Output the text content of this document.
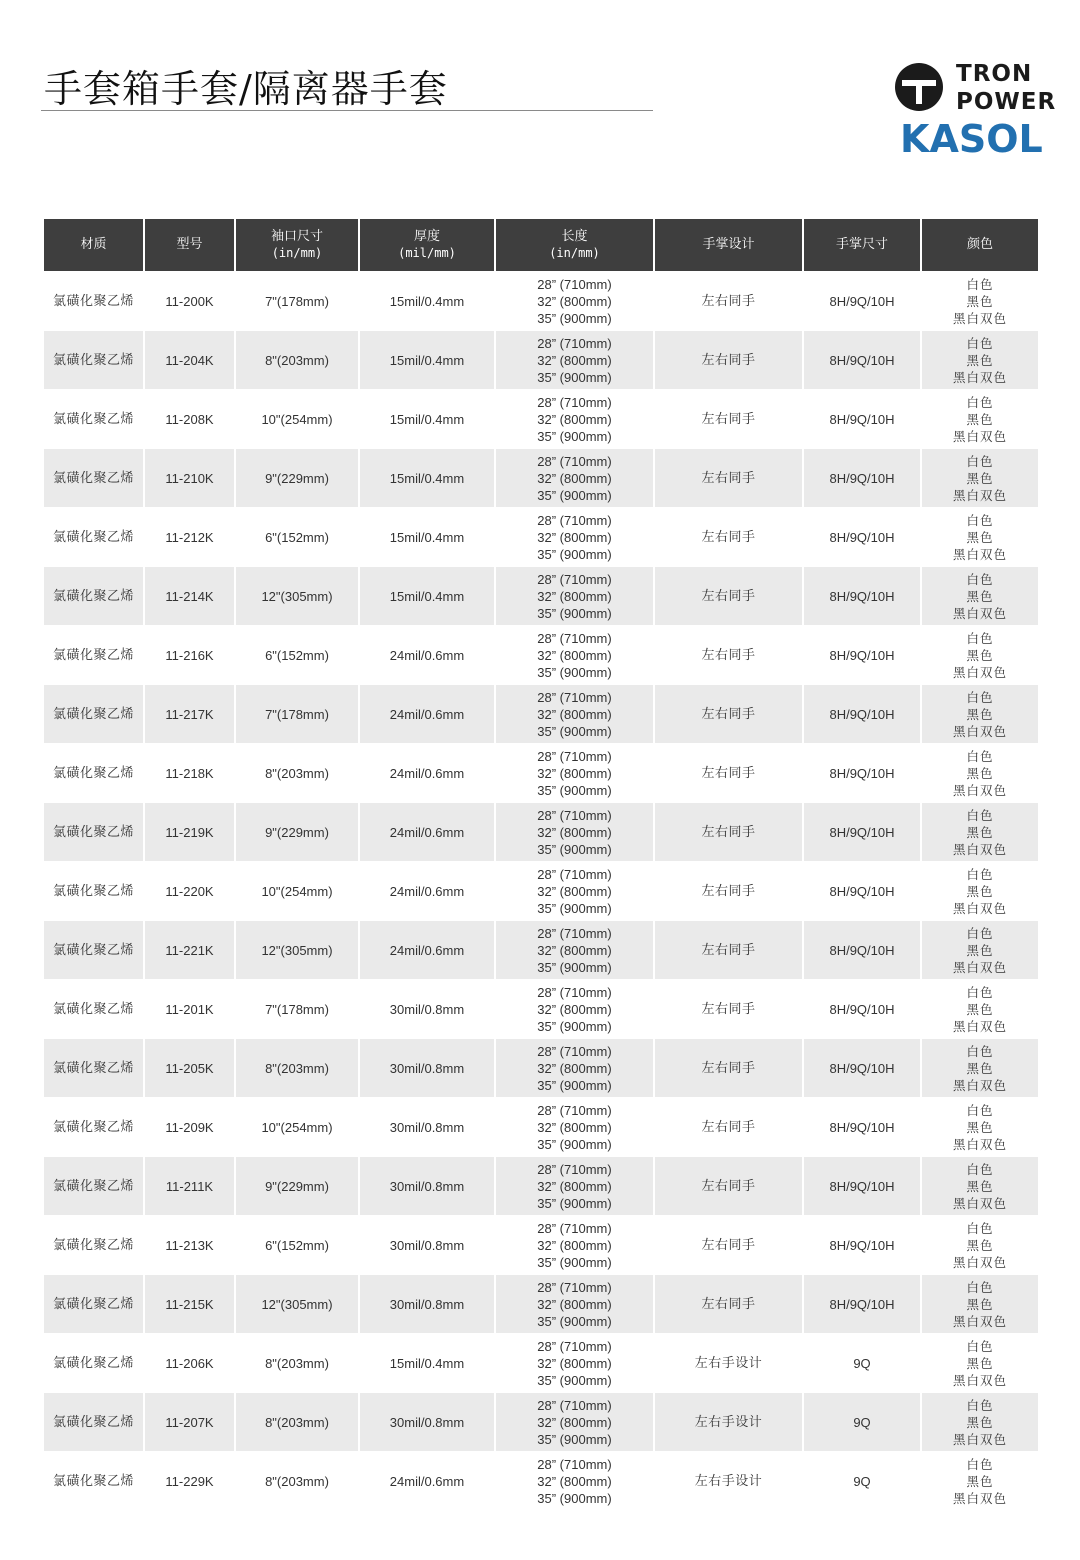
手套箱手套/隔离器手套	TRON
POWER
KASOL
材质	型号	袖口尺寸
(in/mm)	厚度
(mil/mm)	长度
(in/mm)	手掌设计	手掌尺寸	颜色

氯磺化聚乙烯	11-200K	7"(178mm)	15mil/0.4mm	28” (710mm)
32” (800mm)
35” (900mm)	左右同手	8H/9Q/10H	白色
黑色
黑白双色

氯磺化聚乙烯	11-204K	8"(203mm)	15mil/0.4mm	28” (710mm)
32” (800mm)
35” (900mm)	左右同手	8H/9Q/10H	白色
黑色
黑白双色

氯磺化聚乙烯	11-208K	10"(254mm)	15mil/0.4mm	28” (710mm)
32” (800mm)
35” (900mm)	左右同手	8H/9Q/10H	白色
黑色
黑白双色

氯磺化聚乙烯	11-210K	9"(229mm)	15mil/0.4mm	28” (710mm)
32” (800mm)
35” (900mm)	左右同手	8H/9Q/10H	白色
黑色
黑白双色

氯磺化聚乙烯	11-212K	6"(152mm)	15mil/0.4mm	28” (710mm)
32” (800mm)
35” (900mm)	左右同手	8H/9Q/10H	白色
黑色
黑白双色

氯磺化聚乙烯	11-214K	12"(305mm)	15mil/0.4mm	28” (710mm)
32” (800mm)
35” (900mm)	左右同手	8H/9Q/10H	白色
黑色
黑白双色

氯磺化聚乙烯	11-216K	6"(152mm)	24mil/0.6mm	28” (710mm)
32” (800mm)
35” (900mm)	左右同手	8H/9Q/10H	白色
黑色
黑白双色

氯磺化聚乙烯	11-217K	7"(178mm)	24mil/0.6mm	28” (710mm)
32” (800mm)
35” (900mm)	左右同手	8H/9Q/10H	白色
黑色
黑白双色

氯磺化聚乙烯	11-218K	8"(203mm)	24mil/0.6mm	28” (710mm)
32” (800mm)
35” (900mm)	左右同手	8H/9Q/10H	白色
黑色
黑白双色

氯磺化聚乙烯	11-219K	9"(229mm)	24mil/0.6mm	28” (710mm)
32” (800mm)
35” (900mm)	左右同手	8H/9Q/10H	白色
黑色
黑白双色

氯磺化聚乙烯	11-220K	10"(254mm)	24mil/0.6mm	28” (710mm)
32” (800mm)
35” (900mm)	左右同手	8H/9Q/10H	白色
黑色
黑白双色

氯磺化聚乙烯	11-221K	12"(305mm)	24mil/0.6mm	28” (710mm)
32” (800mm)
35” (900mm)	左右同手	8H/9Q/10H	白色
黑色
黑白双色

氯磺化聚乙烯	11-201K	7"(178mm)	30mil/0.8mm	28” (710mm)
32” (800mm)
35” (900mm)	左右同手	8H/9Q/10H	白色
黑色
黑白双色

氯磺化聚乙烯	11-205K	8"(203mm)	30mil/0.8mm	28” (710mm)
32” (800mm)
35” (900mm)	左右同手	8H/9Q/10H	白色
黑色
黑白双色

氯磺化聚乙烯	11-209K	10"(254mm)	30mil/0.8mm	28” (710mm)
32” (800mm)
35” (900mm)	左右同手	8H/9Q/10H	白色
黑色
黑白双色

氯磺化聚乙烯	11-211K	9"(229mm)	30mil/0.8mm	28” (710mm)
32” (800mm)
35” (900mm)	左右同手	8H/9Q/10H	白色
黑色
黑白双色

氯磺化聚乙烯	11-213K	6"(152mm)	30mil/0.8mm	28” (710mm)
32” (800mm)
35” (900mm)	左右同手	8H/9Q/10H	白色
黑色
黑白双色

氯磺化聚乙烯	11-215K	12"(305mm)	30mil/0.8mm	28” (710mm)
32” (800mm)
35” (900mm)	左右同手	8H/9Q/10H	白色
黑色
黑白双色

氯磺化聚乙烯	11-206K	8"(203mm)	15mil/0.4mm	28” (710mm)
32” (800mm)
35” (900mm)	左右手设计	9Q	白色
黑色
黑白双色

氯磺化聚乙烯	11-207K	8"(203mm)	30mil/0.8mm	28” (710mm)
32” (800mm)
35” (900mm)	左右手设计	9Q	白色
黑色
黑白双色

氯磺化聚乙烯	11-229K	8"(203mm)	24mil/0.6mm	28” (710mm)
32” (800mm)
35” (900mm)	左右手设计	9Q	白色
黑色
黑白双色
